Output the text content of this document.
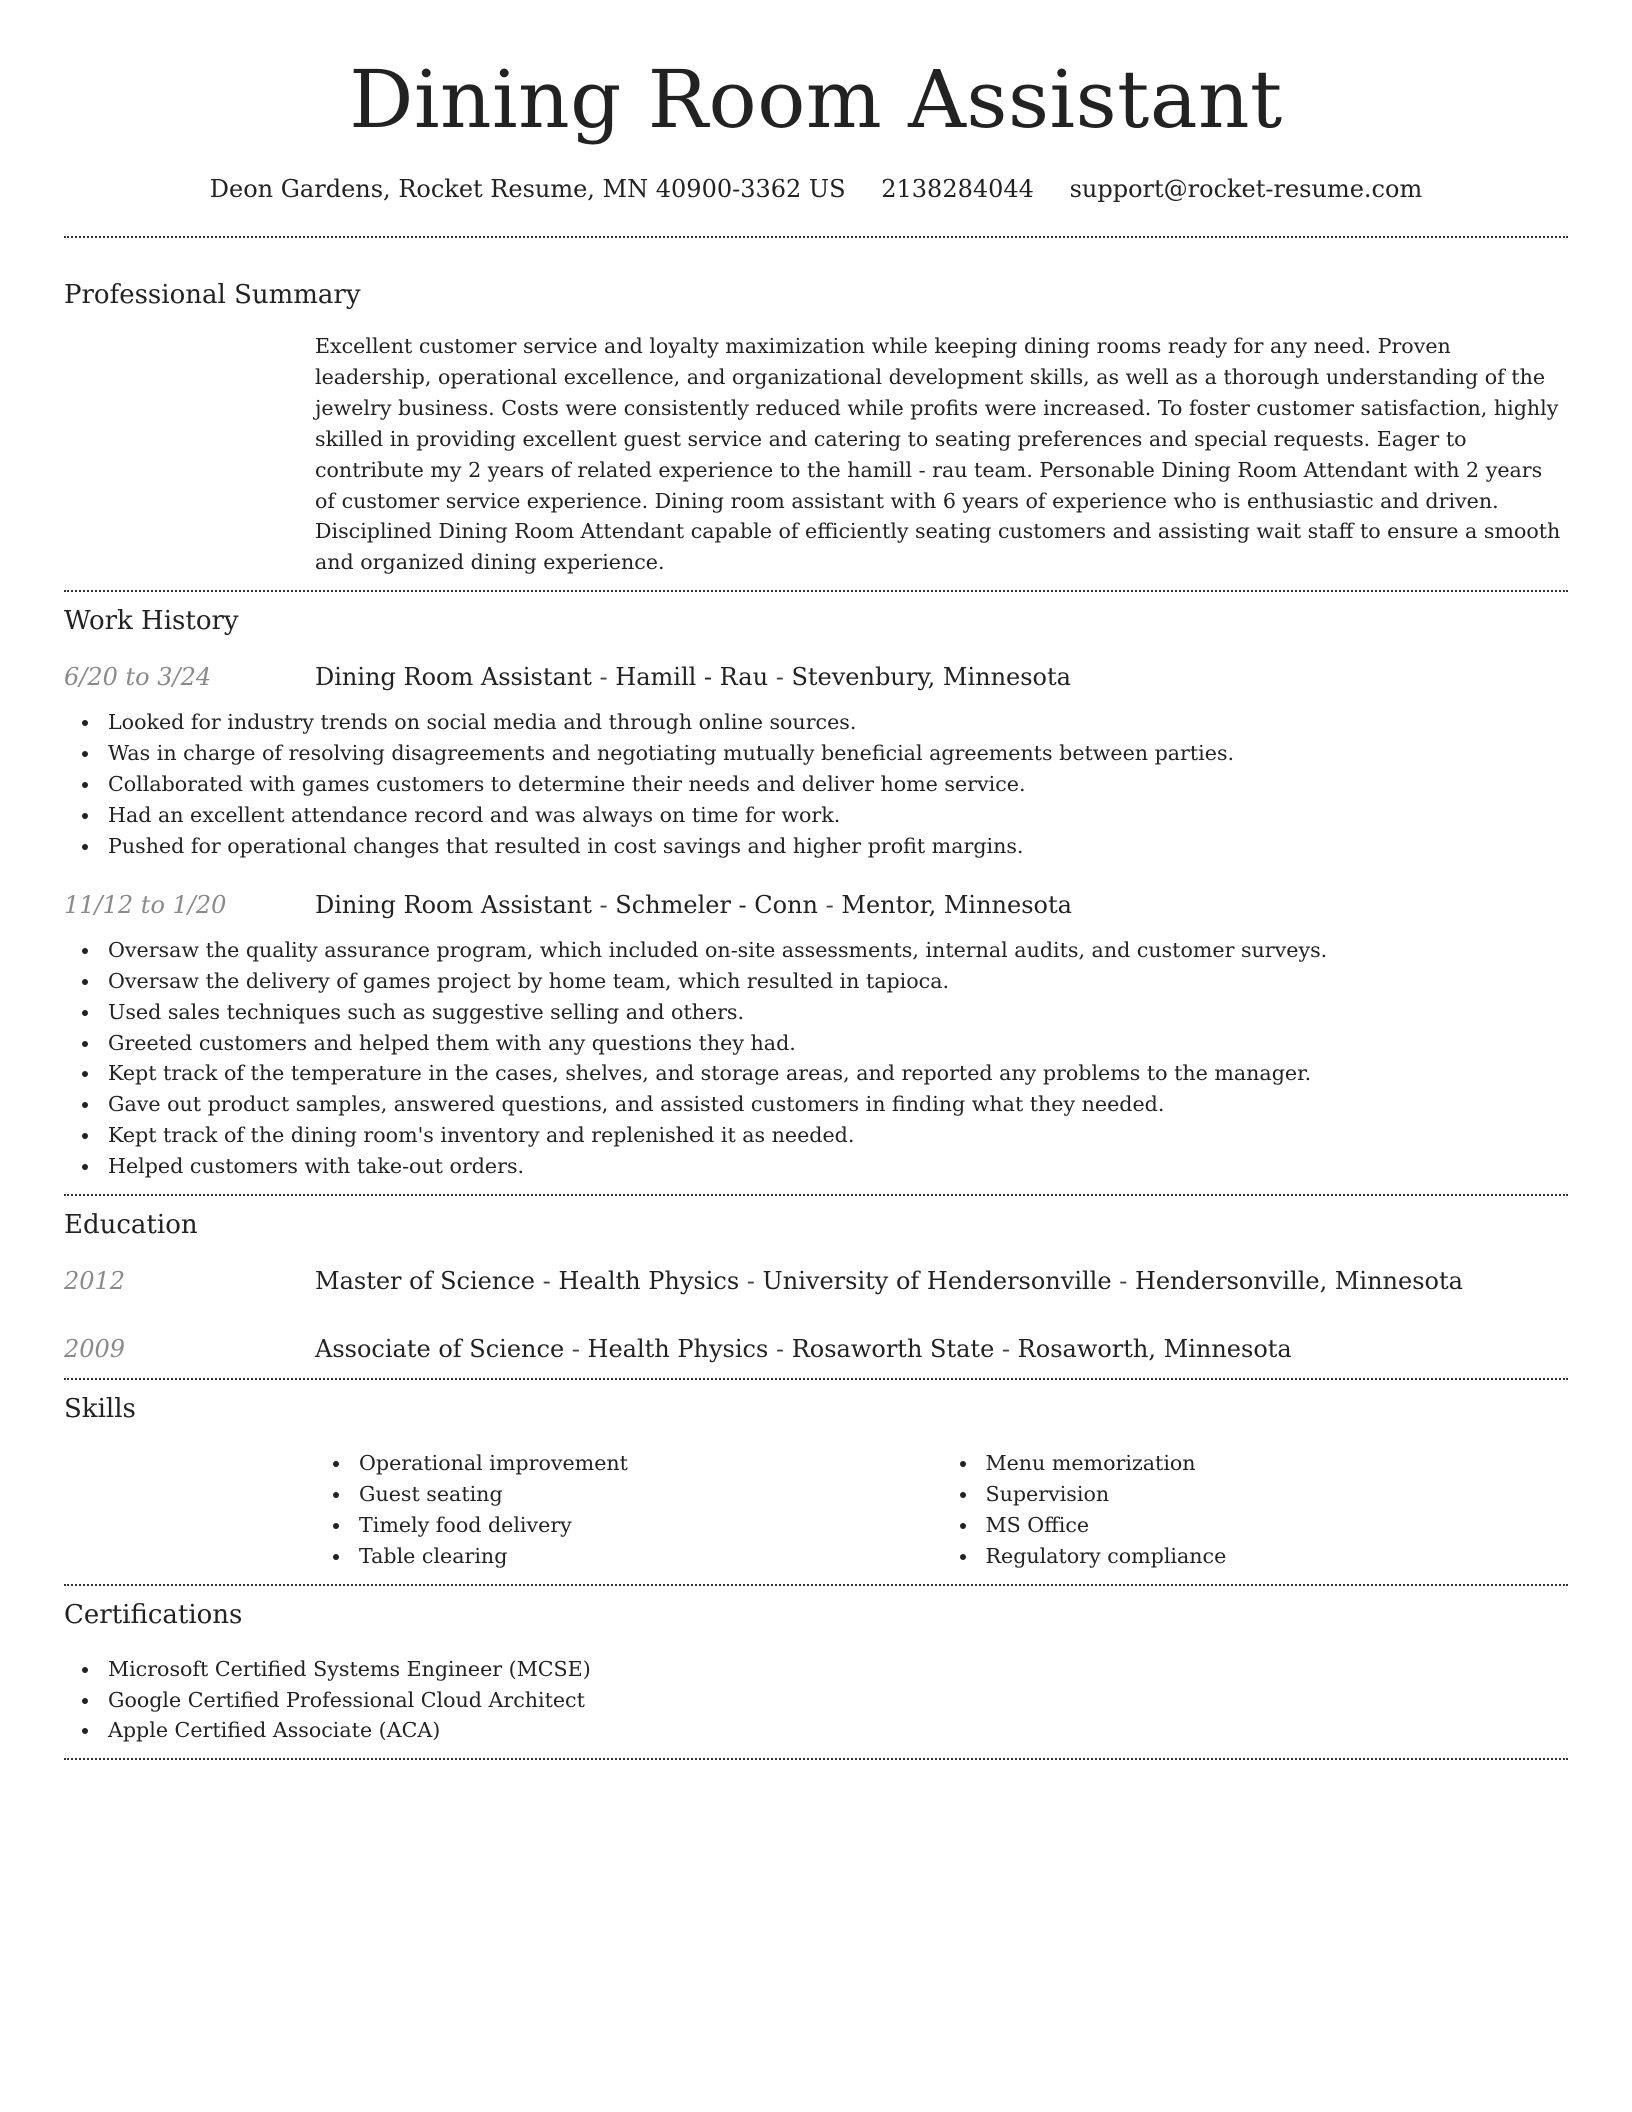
Dining Room Assistant
Deon Gardens, Rocket Resume, MN 40900-3362 US 2138284044 support@rocket-resume.com
Professional Summary
Excellent customer service and loyalty maximization while keeping dining rooms ready for any need. Proven leadership, operational excellence, and organizational development skills, as well as a thorough understanding of the jewelry business. Costs were consistently reduced while profits were increased. To foster customer satisfaction, highly skilled in providing excellent guest service and catering to seating preferences and special requests. Eager to contribute my 2 years of related experience to the hamill - rau team. Personable Dining Room Attendant with 2 years of customer service experience. Dining room assistant with 6 years of experience who is enthusiastic and driven. Disciplined Dining Room Attendant capable of efficiently seating customers and assisting wait staff to ensure a smooth and organized dining experience.
Work History
6/20 to 3/24	Dining Room Assistant - Hamill - Rau - Stevenbury, Minnesota
Looked for industry trends on social media and through online sources.
Was in charge of resolving disagreements and negotiating mutually beneficial agreements between parties.
Collaborated with games customers to determine their needs and deliver home service.
Had an excellent attendance record and was always on time for work.
Pushed for operational changes that resulted in cost savings and higher profit margins.
11/12 to 1/20	Dining Room Assistant - Schmeler - Conn - Mentor, Minnesota
Oversaw the quality assurance program, which included on-site assessments, internal audits, and customer surveys.
Oversaw the delivery of games project by home team, which resulted in tapioca.
Used sales techniques such as suggestive selling and others.
Greeted customers and helped them with any questions they had.
Kept track of the temperature in the cases, shelves, and storage areas, and reported any problems to the manager.
Gave out product samples, answered questions, and assisted customers in finding what they needed.
Kept track of the dining room's inventory and replenished it as needed.
Helped customers with take-out orders.
Education
2012	Master of Science - Health Physics - University of Hendersonville - Hendersonville, Minnesota
2009	Associate of Science - Health Physics - Rosaworth State - Rosaworth, Minnesota
Skills
Operational improvement
Guest seating
Timely food delivery
Table clearing
Menu memorization
Supervision
MS Office
Regulatory compliance
Certifications
Microsoft Certified Systems Engineer (MCSE)
Google Certified Professional Cloud Architect
Apple Certified Associate (ACA)
